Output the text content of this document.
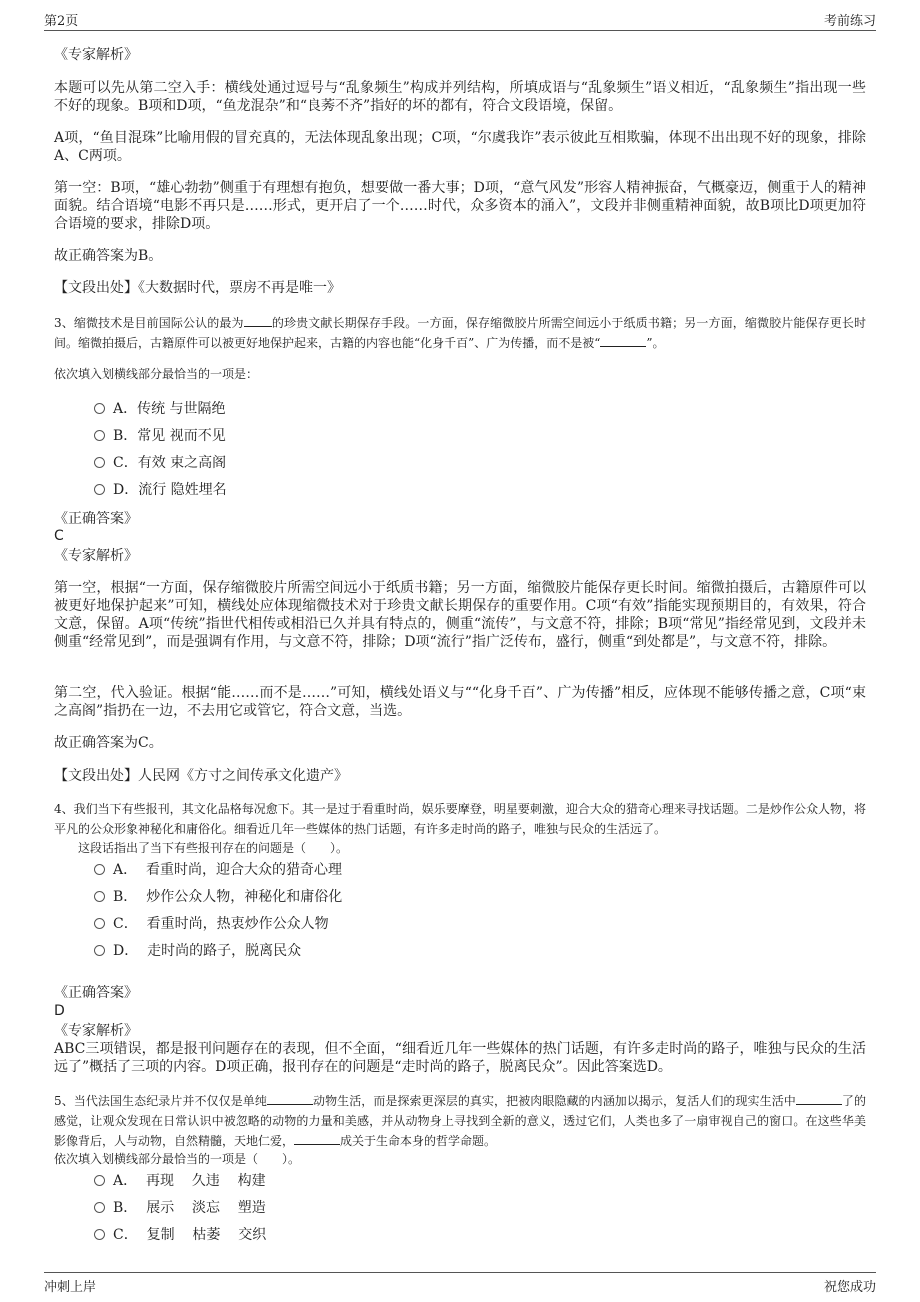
第2页	考前练习
《专家解析》
本题可以先从第二空入手：横线处通过逗号与“乱象频生”构成并列结构，所填成语与“乱象频生”语义相近，“乱象频生”指出现一些不好的现象。B项和D项，“鱼龙混杂”和“良莠不齐”指好的坏的都有，符合文段语境，保留。
A项，“鱼目混珠”比喻用假的冒充真的，无法体现乱象出现；C项，“尔虞我诈”表示彼此互相欺骗，体现不出出现不好的现象，排除A、C两项。
第一空：B项，“雄心勃勃”侧重于有理想有抱负，想要做一番大事；D项，“意气风发”形容人精神振奋，气概豪迈，侧重于人的精神面貌。结合语境“电影不再只是……形式，更开启了一个……时代，众多资本的涌入”，文段并非侧重精神面貌，故B项比D项更加符合语境的要求，排除D项。
故正确答案为B。
【文段出处】《大数据时代，票房不再是唯一》
3、缩微技术是目前国际公认的最为 的珍贵文献长期保存手段。一方面，保存缩微胶片所需空间远小于纸质书籍；另一方面，缩微胶片能保存更长时间。缩微拍摄后，古籍原件可以被更好地保护起来，古籍的内容也能“化身千百”、广为传播，而不是被“	”。
依次填入划横线部分最恰当的一项是：
A．传统 与世隔绝
B．常见 视而不见
C．有效 束之高阁
D．流行 隐姓埋名
《正确答案》
C
《专家解析》
第一空，根据“一方面，保存缩微胶片所需空间远小于纸质书籍；另一方面，缩微胶片能保存更长时间。缩微拍摄后，古籍原件可以被更好地保护起来”可知，横线处应体现缩微技术对于珍贵文献长期保存的重要作用。C项“有效”指能实现预期目的，有效果，符合文意，保留。A项“传统”指世代相传或相沿已久并具有特点的，侧重“流传”，与文意不符，排除；B项“常见”指经常见到，文段并未侧重“经常见到”，而是强调有作用，与文意不符，排除；D项“流行”指广泛传布，盛行，侧重“到处都是”，与文意不符，排除。
第二空，代入验证。根据“能……而不是……”可知，横线处语义与““化身千百”、广为传播”相反，应体现不能够传播之意，C项“束之高阁”指扔在一边，不去用它或管它，符合文意，当选。
故正确答案为C。
【文段出处】人民网《方寸之间传承文化遗产》
4、我们当下有些报刊，其文化品格每况愈下。其一是过于看重时尚，娱乐要摩登，明星要刺激，迎合大众的猎奇心理来寻找话题。二是炒作公众人物，将平凡的公众形象神秘化和庸俗化。细看近几年一些媒体的热门话题，有许多走时尚的路子，唯独与民众的生活远了。
这段话指出了当下有些报刊存在的问题是（　　）。
A．  看重时尚，迎合大众的猎奇心理
B．  炒作公众人物，神秘化和庸俗化
C．  看重时尚，热衷炒作公众人物
D．  走时尚的路子，脱离民众
《正确答案》
D
《专家解析》
ABC三项错误，都是报刊问题存在的表现，但不全面，“细看近几年一些媒体的热门话题，有许多走时尚的路子，唯独与民众的生活远了”概括了三项的内容。D项正确，报刊存在的问题是“走时尚的路子，脱离民众”。因此答案选D。
5、当代法国生态纪录片并不仅仅是单纯	动物生活，而是探索更深层的真实，把被肉眼隐藏的内涵加以揭示，复活人们的现实生活中	了的感觉，让观众发现在日常认识中被忽略的动物的力量和美感，并从动物身上寻找到全新的意义，透过它们，人类也多了一扇审视自己的窗口。在这些华美影像背后，人与动物，自然精髓，天地仁爱，	成关于生命本身的哲学命题。
依次填入划横线部分最恰当的一项是（　　）。
A．  再现    久违    构建
B．  展示    淡忘    塑造
C．  复制    枯萎    交织
冲刺上岸	祝您成功
